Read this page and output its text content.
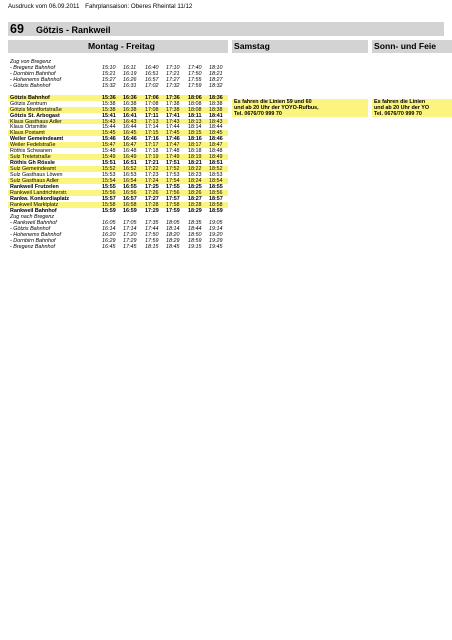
Ausdruck vom 06.09.2011 Fahrplansaison: Oberes Rheintal 11/12
69 Götzis - Rankweil
Montag - Freitag	Samstag	Sonn- und Feie
Zug von Bregenz
- Bregenz Bahnhof	15:10	16:11	16:40	17:10	17:40	18:10
- Dornbirn Bahnhof	15:21	16:19	16:51	17:21	17:50	18:21
- Hohenems Bahnhof	15:27	16:26	16:57	17:27	17:55	18:27
- Götzis Bahnhof	15:32	16:31	17:02	17:32	17:59	18:32
Götzis Bahnhof	15:36	16:36	17:06	17:36	18:06	18:36
Götzis Zentrum	15:38	16:38	17:08	17:38	18:08	18:38
Götzis Montfortstraße	15:38	16:38	17:08	17:38	18:08	18:38
Götzis St. Arbogast	15:41	16:41	17:11	17:41	18:11	18:41
Klaus Gasthaus Adler	15:43	16:43	17:13	17:43	18:13	18:43
Klaus Ortsmitte	15:44	16:44	17:14	17:44	18:14	18:44
Klaus Postamt	15:45	16:45	17:15	17:45	18:15	18:45
Weiler Gemeindeamt	15:46	16:46	17:16	17:46	18:16	18:46
Weiler Fedelstraße	15:47	16:47	17:17	17:47	18:17	18:47
Röthis Schwanen	15:48	16:48	17:18	17:48	18:18	18:48
Sulz Treietstraße	15:49	16:49	17:19	17:49	18:19	18:49
Röthis Gh Rössle	15:51	16:51	17:21	17:51	18:21	18:51
Sulz Gemeindeamt	15:52	16:52	17:22	17:52	18:22	18:52
Sulz Gasthaus Löwen	15:53	16:53	17:23	17:53	18:23	18:53
Sulz Gasthaus Adler	15:54	16:54	17:24	17:54	18:24	18:54
Rankweil Frutzelen	15:55	16:55	17:25	17:55	18:25	18:55
Rankweil Landrichterstr.	15:56	16:56	17:26	17:56	18:26	18:56
Rankw. Konkordiaplatz	15:57	16:57	17:27	17:57	18:27	18:57
Rankweil Marktplatz	15:58	16:58	17:28	17:58	18:28	18:58
Rankweil Bahnhof	15:59	16:59	17:29	17:59	18:29	18:59
Zug nach Bregenz
- Rankweil Bahnhof	16:05	17:05	17:35	18:05	18:35	19:05
- Götzis Bahnhof	16:14	17:14	17:44	18:14	18:44	19:14
- Hohenems Bahnhof	16:20	17:20	17:50	18:20	18:50	19:20
- Dornbirn Bahnhof	16:29	17:29	17:59	18:29	18:59	19:29
- Bregenz Bahnhof	16:45	17:45	18:15	18:45	19:15	19:45
Es fahren die Linien 59 und 60
und ab 20 Uhr der YOYO-Rufbus,
Tel. 0676/70 999 70
Es fahren die Linien
und ab 20 Uhr der YO
Tel. 0676/70 999 70
